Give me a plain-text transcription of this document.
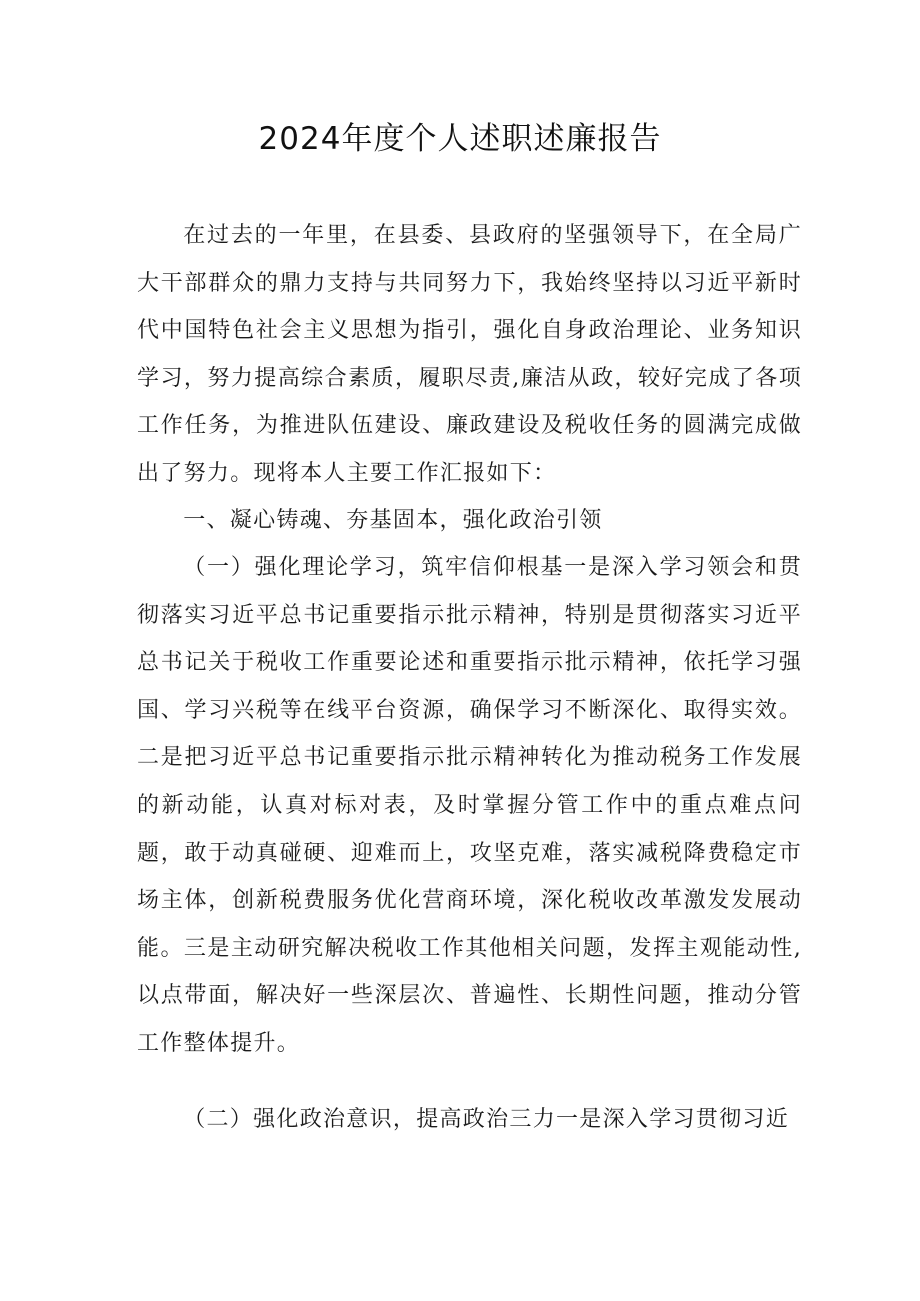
2024年度个人述职述廉报告

在过去的一年里，在县委、县政府的坚强领导下，在全局广大干部群众的鼎力支持与共同努力下，我始终坚持以习近平新时代中国特色社会主义思想为指引，强化自身政治理论、业务知识学习，努力提高综合素质，履职尽责,廉洁从政，较好完成了各项工作任务，为推进队伍建设、廉政建设及税收任务的圆满完成做出了努力。现将本人主要工作汇报如下：

一、凝心铸魂、夯基固本，强化政治引领

（一）强化理论学习，筑牢信仰根基一是深入学习领会和贯彻落实习近平总书记重要指示批示精神，特别是贯彻落实习近平总书记关于税收工作重要论述和重要指示批示精神，依托学习强国、学习兴税等在线平台资源，确保学习不断深化、取得实效。二是把习近平总书记重要指示批示精神转化为推动税务工作发展的新动能，认真对标对表，及时掌握分管工作中的重点难点问题，敢于动真碰硬、迎难而上，攻坚克难，落实减税降费稳定市场主体，创新税费服务优化营商环境，深化税收改革激发发展动能。三是主动研究解决税收工作其他相关问题，发挥主观能动性,以点带面，解决好一些深层次、普遍性、长期性问题，推动分管工作整体提升。

（二）强化政治意识，提高政治三力一是深入学习贯彻习近
